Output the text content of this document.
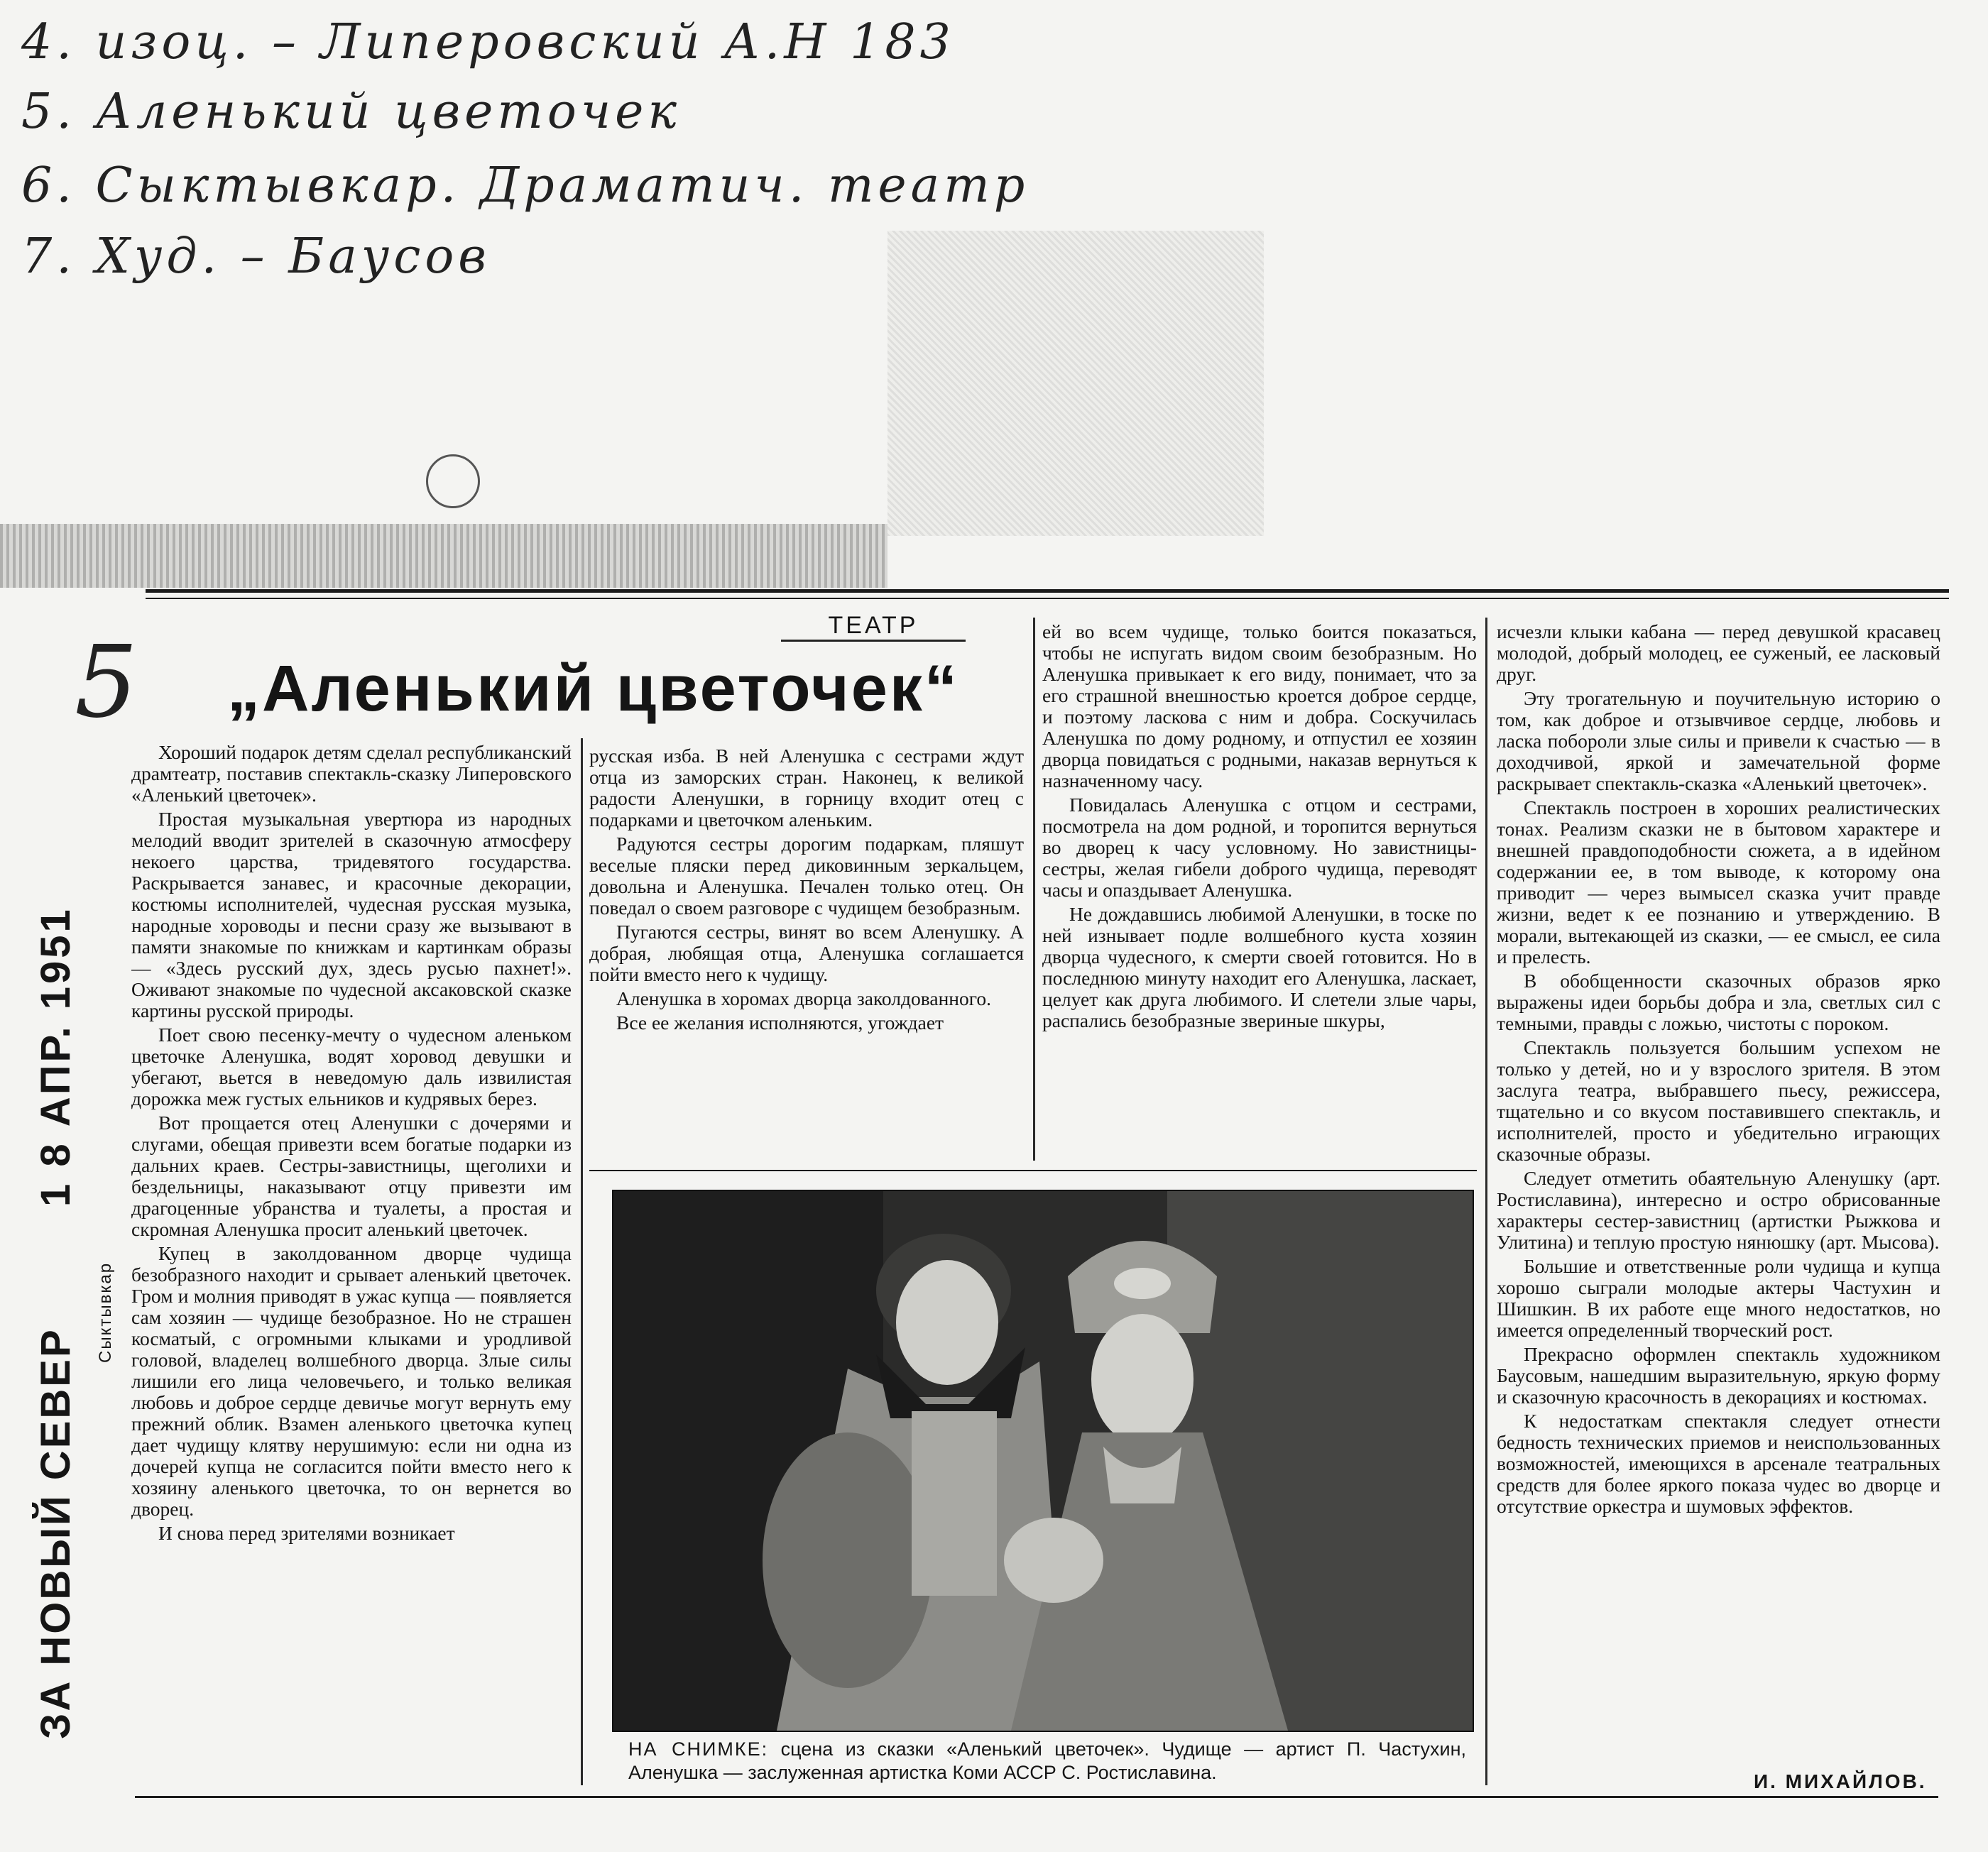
4. изоц. – Липеровский А.Н 183
5. Аленький цветочек
6. Сыктывкар. Драматич. театр
7. Худ. – Баусов
5
1 8 АПР. 1951
ЗА НОВЫЙ СЕВЕР
Сыктывкар
ТЕАТР
„Аленький цветочек“

Хороший подарок детям сделал республиканский драмтеатр, поставив спектакль-сказку Липеровского «Аленький цветочек».

Простая музыкальная увертюра из народных мелодий вводит зрителей в сказочную атмосферу некоего царства, тридевятого государства. Раскрывается занавес, и красочные декорации, костюмы исполнителей, чудесная русская музыка, народные хороводы и песни сразу же вызывают в памяти знакомые по книжкам и картинкам образы — «Здесь русский дух, здесь русью пахнет!». Оживают знакомые по чудесной аксаковской сказке картины русской природы.

Поет свою песенку-мечту о чудесном аленьком цветочке Аленушка, водят хоровод девушки и убегают, вьется в неведомую даль извилистая дорожка меж густых ельников и кудрявых берез.

Вот прощается отец Аленушки с дочерями и слугами, обещая привезти всем богатые подарки из дальних краев. Сестры-завистницы, щеголихи и бездельницы, наказывают отцу привезти им драгоценные убранства и туалеты, а простая и скромная Аленушка просит аленький цветочек.

Купец в заколдованном дворце чудища безобразного находит и срывает аленький цветочек. Гром и молния приводят в ужас купца — появляется сам хозяин — чудище безобразное. Но не страшен косматый, с огромными клыками и уродливой головой, владелец волшебного дворца. Злые силы лишили его лица человечьего, и только великая любовь и доброе сердце девичье могут вернуть ему прежний облик. Взамен аленького цветочка купец дает чудищу клятву нерушимую: если ни одна из дочерей купца не согласится пойти вместо него к хозяину аленького цветочка, то он вернется во дворец.

И снова перед зрителями возникает

русская изба. В ней Аленушка с сестрами ждут отца из заморских стран. Наконец, к великой радости Аленушки, в горницу входит отец с подарками и цветочком аленьким.

Радуются сестры дорогим подаркам, пляшут веселые пляски перед диковинным зеркальцем, довольна и Аленушка. Печален только отец. Он поведал о своем разговоре с чудищем безобразным.

Пугаются сестры, винят во всем Аленушку. А добрая, любящая отца, Аленушка соглашается пойти вместо него к чудищу.

Аленушка в хоромах дворца заколдованного.

Все ее желания исполняются, угождает

ей во всем чудище, только боится показаться, чтобы не испугать видом своим безобразным. Но Аленушка привыкает к его виду, понимает, что за его страшной внешностью кроется доброе сердце, и поэтому ласкова с ним и добра. Соскучилась Аленушка по дому родному, и отпустил ее хозяин дворца повидаться с родными, наказав вернуться к назначенному часу.

Повидалась Аленушка с отцом и сестрами, посмотрела на дом родной, и торопится вернуться во дворец к часу условному. Но завистницы-сестры, желая гибели доброго чудища, переводят часы и опаздывает Аленушка.

Не дождавшись любимой Аленушки, в тоске по ней изнывает подле волшебного куста хозяин дворца чудесного, к смерти своей готовится. Но в последнюю минуту находит его Аленушка, ласкает, целует как друга любимого. И слетели злые чары, распались безобразные звериные шкуры,

исчезли клыки кабана — перед девушкой красавец молодой, добрый молодец, ее суженый, ее ласковый друг.

Эту трогательную и поучительную историю о том, как доброе и отзывчивое сердце, любовь и ласка побороли злые силы и привели к счастью — в доходчивой, яркой и замечательной форме раскрывает спектакль-сказка «Аленький цветочек».

Спектакль построен в хороших реалистических тонах. Реализм сказки не в бытовом характере и внешней правдоподобности сюжета, а в идейном содержании ее, в том выводе, к которому она приводит — через вымысел сказка учит правде жизни, ведет к ее познанию и утверждению. В морали, вытекающей из сказки, — ее смысл, ее сила и прелесть.

В обобщенности сказочных образов ярко выражены идеи борьбы добра и зла, светлых сил с темными, правды с ложью, чистоты с пороком.

Спектакль пользуется большим успехом не только у детей, но и у взрослого зрителя. В этом заслуга театра, выбравшего пьесу, режиссера, тщательно и со вкусом поставившего спектакль, и исполнителей, просто и убедительно играющих сказочные образы.

Следует отметить обаятельную Аленушку (арт. Ростиславина), интересно и остро обрисованные характеры сестер-завистниц (артистки Рыжкова и Улитина) и теплую простую нянюшку (арт. Мысова).

Большие и ответственные роли чудища и купца хорошо сыграли молодые актеры Частухин и Шишкин. В их работе еще много недостатков, но имеется определенный творческий рост.

Прекрасно оформлен спектакль художником Баусовым, нашедшим выразительную, яркую форму и сказочную красочность в декорациях и костюмах.

К недостаткам спектакля следует отнести бедность технических приемов и неиспользованных возможностей, имеющихся в арсенале театральных средств для более яркого показа чудес во дворце и отсутствие оркестра и шумовых эффектов.

НА СНИМКЕ: сцена из сказки «Аленький цветочек». Чудище — артист П. Частухин, Аленушка — заслуженная артистка Коми АССР С. Ростиславина.	И. МИХАЙЛОВ.
